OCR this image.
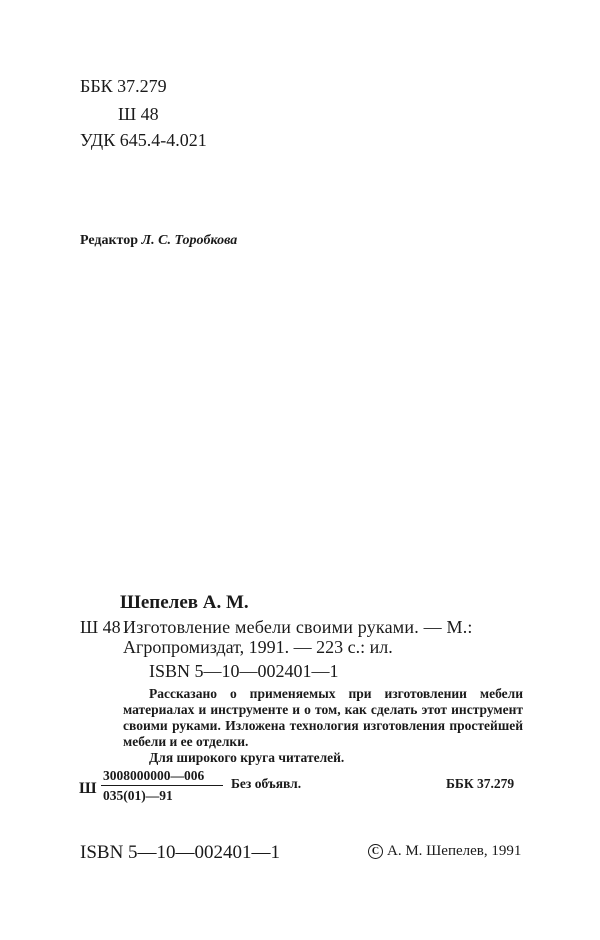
ББК 37.279
Ш 48
УДК 645.4-4.021
Редактор Л. С. Торобкова
Шепелев А. М.
Ш 48 Изготовление мебели своими руками. — М.:
Агропромиздат, 1991. — 223 с.: ил.
ISBN 5—10—002401—1

Рассказано о применяемых при изготовлении мебели материалах и инструменте и о том, как сделать этот инструмент своими руками. Изложена технология изготовления простейшей мебели и ее отделки.

Для широкого круга читателей.

Ш $\frac{3008000000—006}{035(01)—91}$ Без объявл.	ББК 37.279
ISBN 5—10—002401—1	C А. М. Шепелев, 1991
